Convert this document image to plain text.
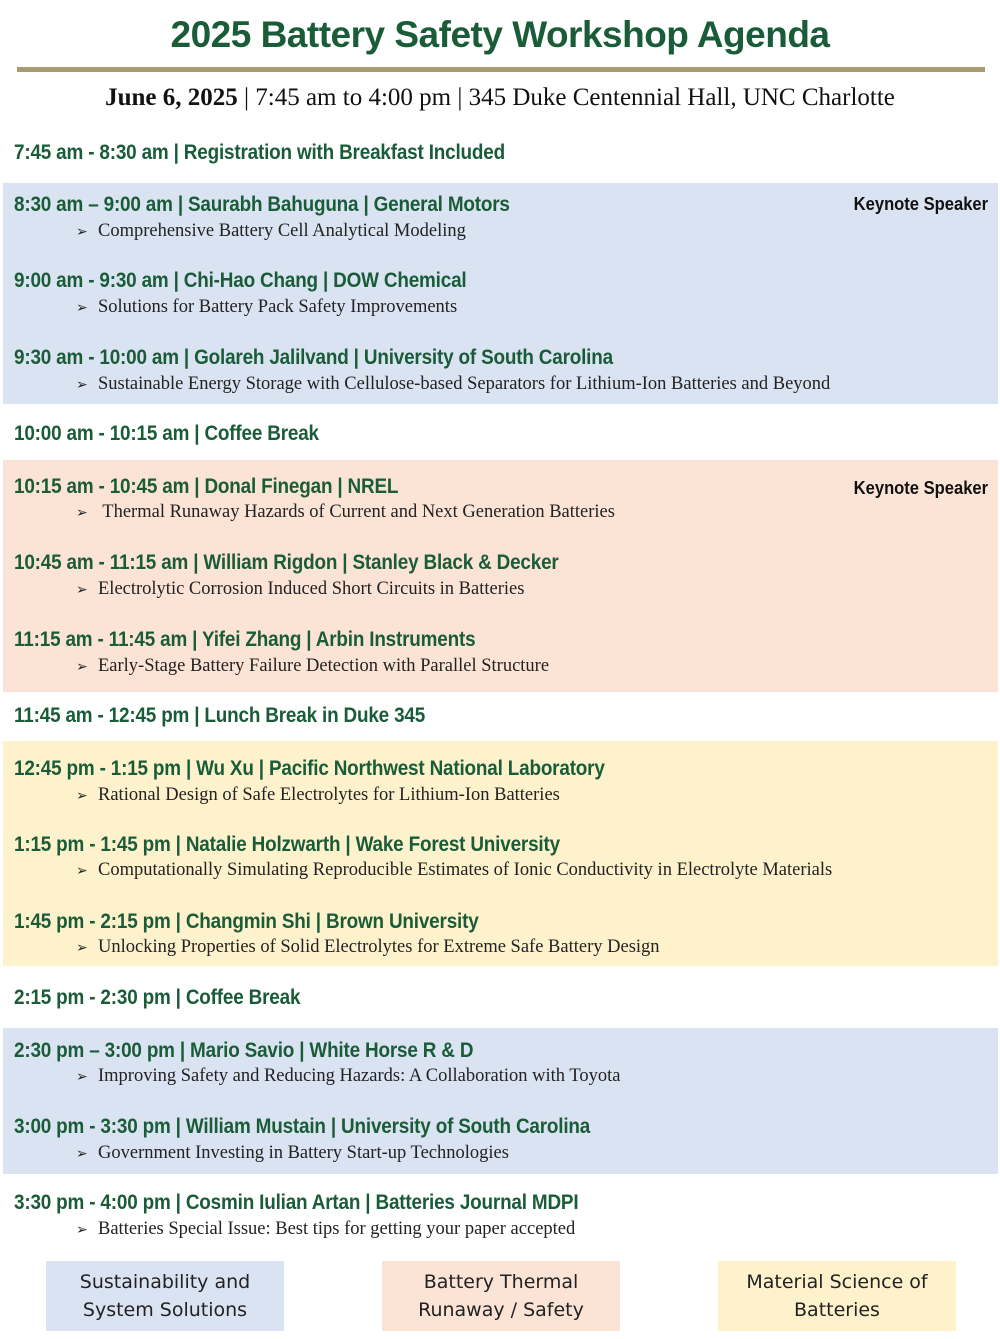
2025 Battery Safety Workshop Agenda
June 6, 2025 | 7:45 am to 4:00 pm | 345 Duke Centennial Hall, UNC Charlotte
7:45 am - 8:30 am | Registration with Breakfast Included
8:30 am – 9:00 am | Saurabh Bahuguna | General Motors	Keynote Speaker
➢ Comprehensive Battery Cell Analytical Modeling
9:00 am - 9:30 am | Chi-Hao Chang | DOW Chemical
➢ Solutions for Battery Pack Safety Improvements
9:30 am - 10:00 am | Golareh Jalilvand | University of South Carolina
➢ Sustainable Energy Storage with Cellulose-based Separators for Lithium-Ion Batteries and Beyond
10:00 am - 10:15 am | Coffee Break
10:15 am - 10:45 am | Donal Finegan | NREL	Keynote Speaker
➢ Thermal Runaway Hazards of Current and Next Generation Batteries
10:45 am - 11:15 am | William Rigdon | Stanley Black & Decker
➢ Electrolytic Corrosion Induced Short Circuits in Batteries
11:15 am - 11:45 am | Yifei Zhang | Arbin Instruments
➢ Early-Stage Battery Failure Detection with Parallel Structure
11:45 am - 12:45 pm | Lunch Break in Duke 345
12:45 pm - 1:15 pm | Wu Xu | Pacific Northwest National Laboratory
➢ Rational Design of Safe Electrolytes for Lithium-Ion Batteries
1:15 pm - 1:45 pm | Natalie Holzwarth | Wake Forest University
➢ Computationally Simulating Reproducible Estimates of Ionic Conductivity in Electrolyte Materials
1:45 pm - 2:15 pm | Changmin Shi | Brown University
➢ Unlocking Properties of Solid Electrolytes for Extreme Safe Battery Design
2:15 pm - 2:30 pm | Coffee Break
2:30 pm – 3:00 pm | Mario Savio | White Horse R & D
➢ Improving Safety and Reducing Hazards: A Collaboration with Toyota
3:00 pm - 3:30 pm | William Mustain | University of South Carolina
➢ Government Investing in Battery Start-up Technologies
3:30 pm - 4:00 pm | Cosmin Iulian Artan | Batteries Journal MDPI
➢ Batteries Special Issue: Best tips for getting your paper accepted
Sustainability and
System Solutions
Battery Thermal
Runaway / Safety
Material Science of
Batteries
